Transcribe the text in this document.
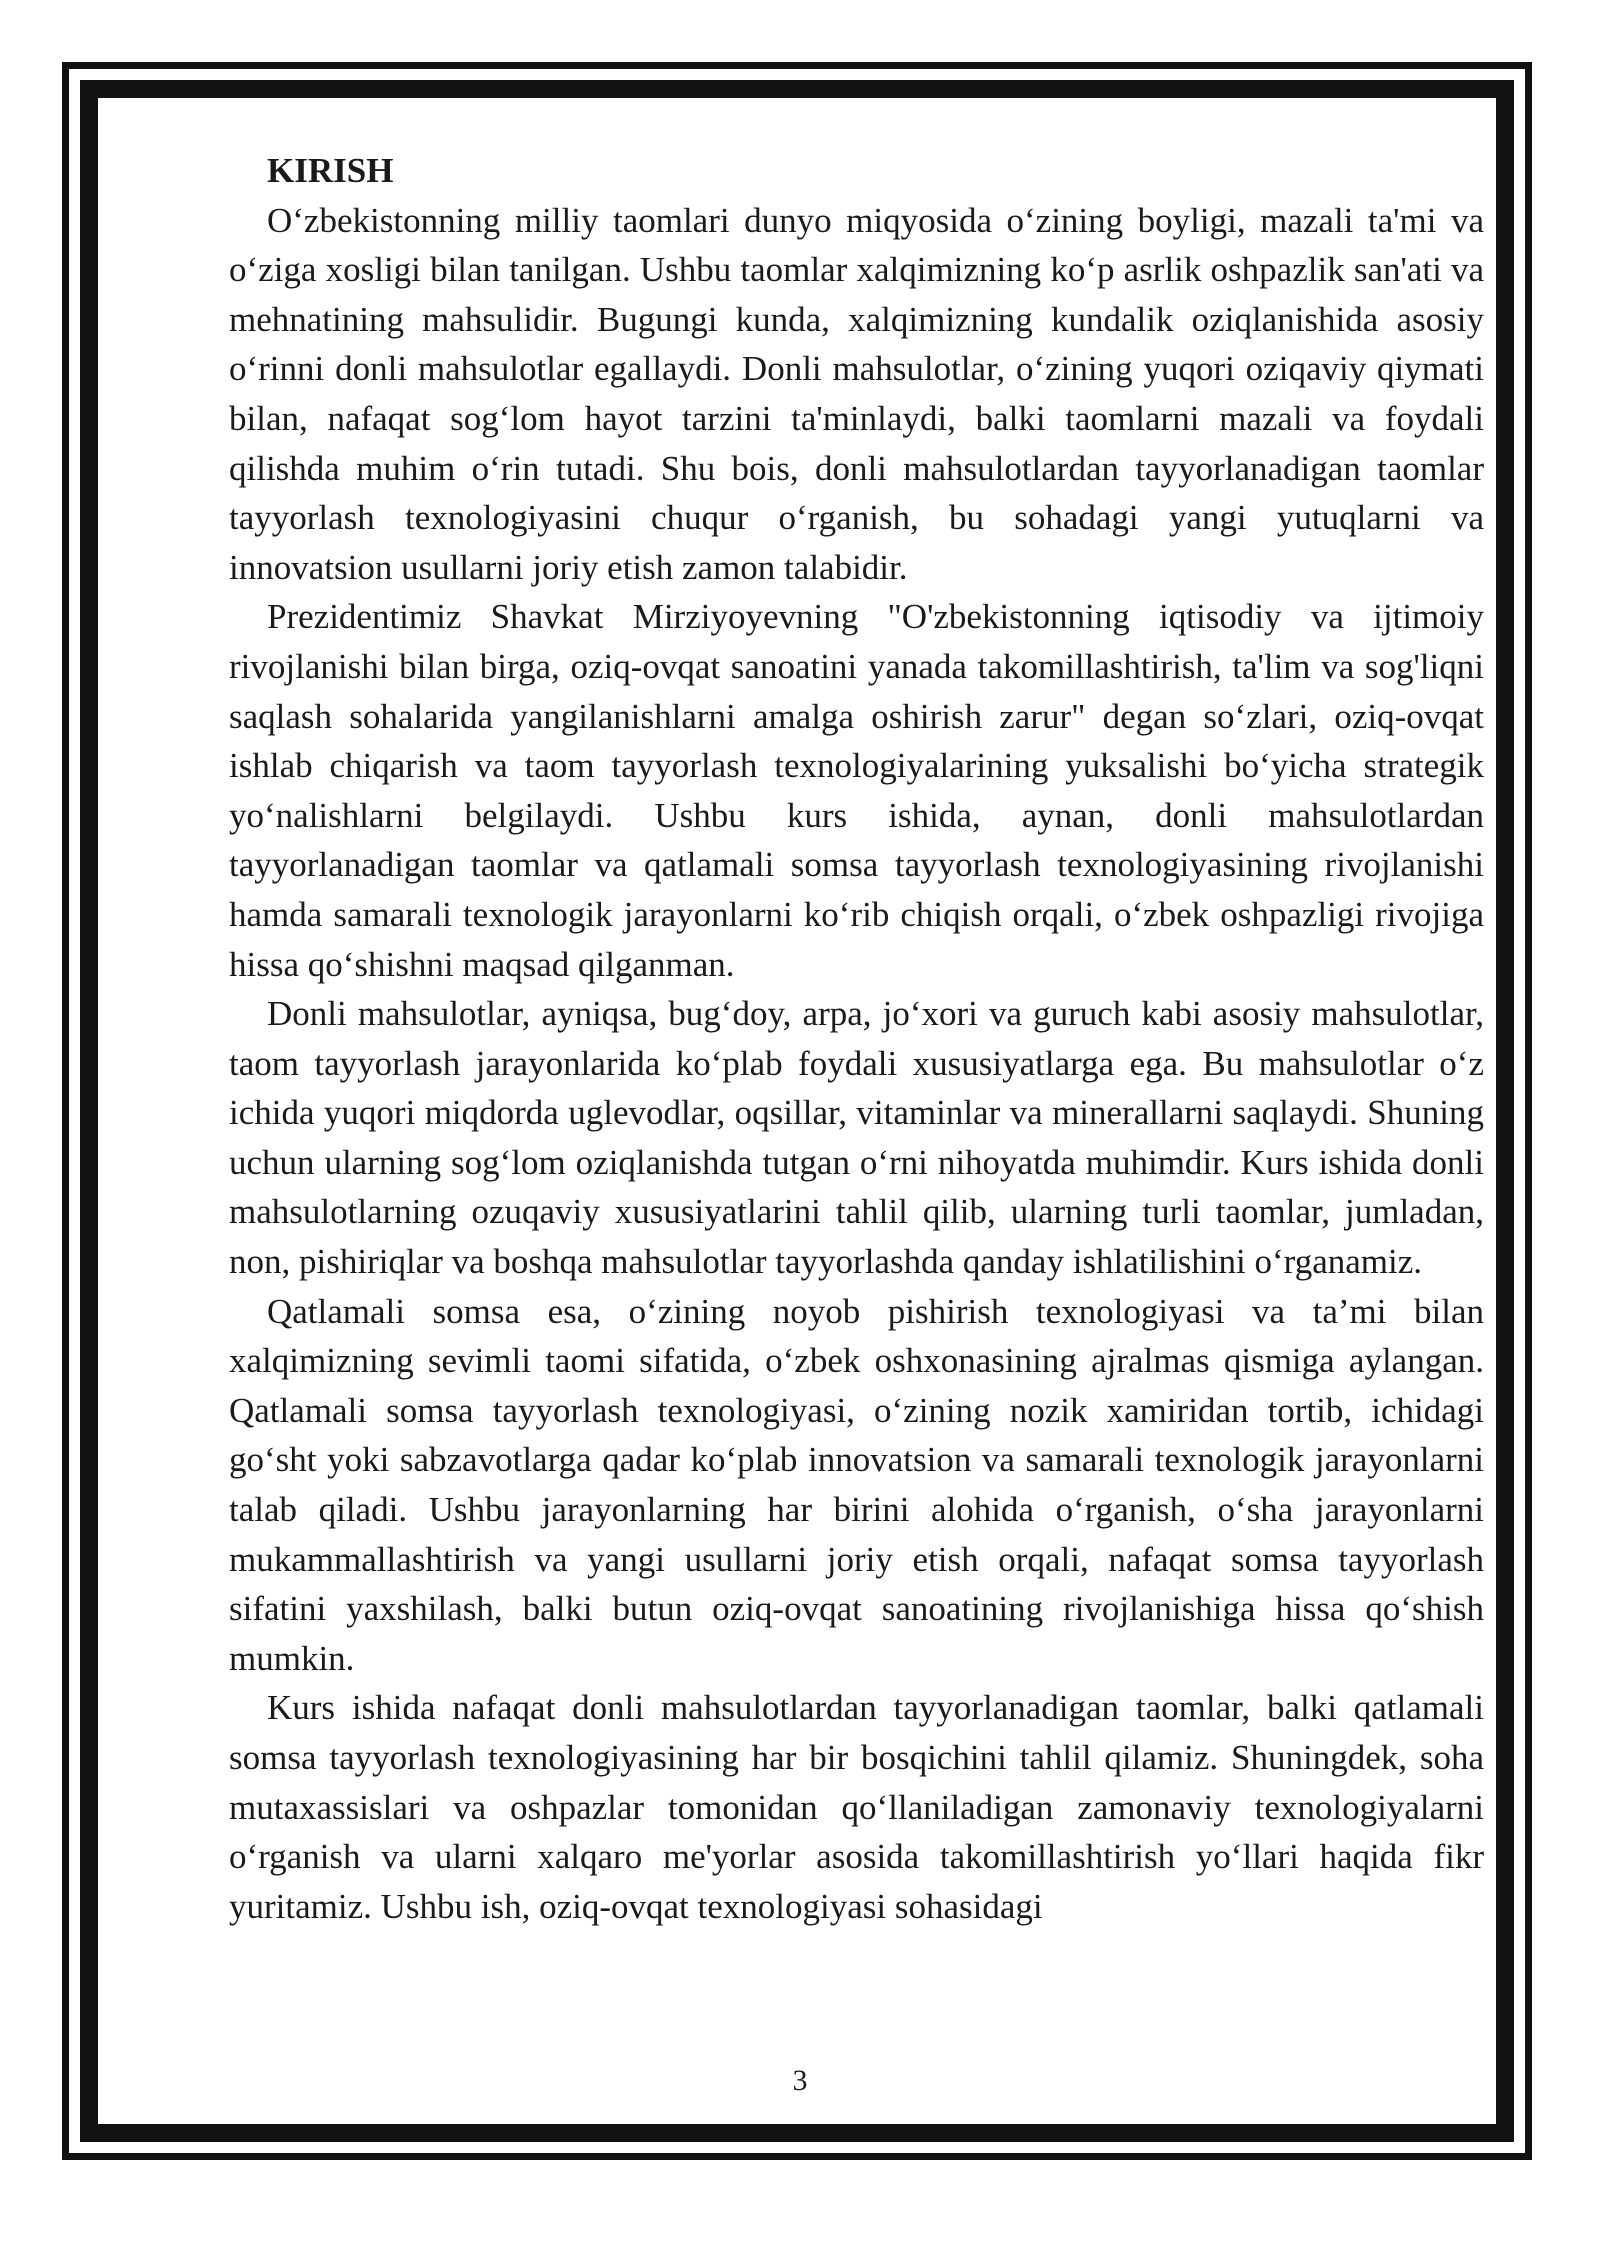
KIRISH

O‘zbekistonning milliy taomlari dunyo miqyosida o‘zining boyligi, mazali ta'mi va o‘ziga xosligi bilan tanilgan. Ushbu taomlar xalqimizning ko‘p asrlik oshpazlik san'ati va mehnatining mahsulidir. Bugungi kunda, xalqimizning kundalik oziqlanishida asosiy o‘rinni donli mahsulotlar egallaydi. Donli mahsulotlar, o‘zining yuqori oziqaviy qiymati bilan, nafaqat sog‘lom hayot tarzini ta'minlaydi, balki taomlarni mazali va foydali qilishda muhim o‘rin tutadi. Shu bois, donli mahsulotlardan tayyorlanadigan taomlar tayyorlash texnologiyasini chuqur o‘rganish, bu sohadagi yangi yutuqlarni va innovatsion usullarni joriy etish zamon talabidir.

Prezidentimiz Shavkat Mirziyoyevning "O'zbekistonning iqtisodiy va ijtimoiy rivojlanishi bilan birga, oziq-ovqat sanoatini yanada takomillashtirish, ta'lim va sog'liqni saqlash sohalarida yangilanishlarni amalga oshirish zarur" degan so‘zlari, oziq-ovqat ishlab chiqarish va taom tayyorlash texnologiyalarining yuksalishi bo‘yicha strategik yo‘nalishlarni belgilaydi. Ushbu kurs ishida, aynan, donli mahsulotlardan tayyorlanadigan taomlar va qatlamali somsa tayyorlash texnologiyasining rivojlanishi hamda samarali texnologik jarayonlarni ko‘rib chiqish orqali, o‘zbek oshpazligi rivojiga hissa qo‘shishni maqsad qilganman.

Donli mahsulotlar, ayniqsa, bug‘doy, arpa, jo‘xori va guruch kabi asosiy mahsulotlar, taom tayyorlash jarayonlarida ko‘plab foydali xususiyatlarga ega. Bu mahsulotlar o‘z ichida yuqori miqdorda uglevodlar, oqsillar, vitaminlar va minerallarni saqlaydi. Shuning uchun ularning sog‘lom oziqlanishda tutgan o‘rni nihoyatda muhimdir. Kurs ishida donli mahsulotlarning ozuqaviy xususiyatlarini tahlil qilib, ularning turli taomlar, jumladan, non, pishiriqlar va boshqa mahsulotlar tayyorlashda qanday ishlatilishini o‘rganamiz.

Qatlamali somsa esa, o‘zining noyob pishirish texnologiyasi va ta’mi bilan xalqimizning sevimli taomi sifatida, o‘zbek oshxonasining ajralmas qismiga aylangan. Qatlamali somsa tayyorlash texnologiyasi, o‘zining nozik xamiridan tortib, ichidagi go‘sht yoki sabzavotlarga qadar ko‘plab innovatsion va samarali texnologik jarayonlarni talab qiladi. Ushbu jarayonlarning har birini alohida o‘rganish, o‘sha jarayonlarni mukammallashtirish va yangi usullarni joriy etish orqali, nafaqat somsa tayyorlash sifatini yaxshilash, balki butun oziq-ovqat sanoatining rivojlanishiga hissa qo‘shish mumkin.

Kurs ishida nafaqat donli mahsulotlardan tayyorlanadigan taomlar, balki qatlamali somsa tayyorlash texnologiyasining har bir bosqichini tahlil qilamiz. Shuningdek, soha mutaxassislari va oshpazlar tomonidan qo‘llaniladigan zamonaviy texnologiyalarni o‘rganish va ularni xalqaro me'yorlar asosida takomillashtirish yo‘llari haqida fikr yuritamiz. Ushbu ish, oziq-ovqat texnologiyasi sohasidagi

3
